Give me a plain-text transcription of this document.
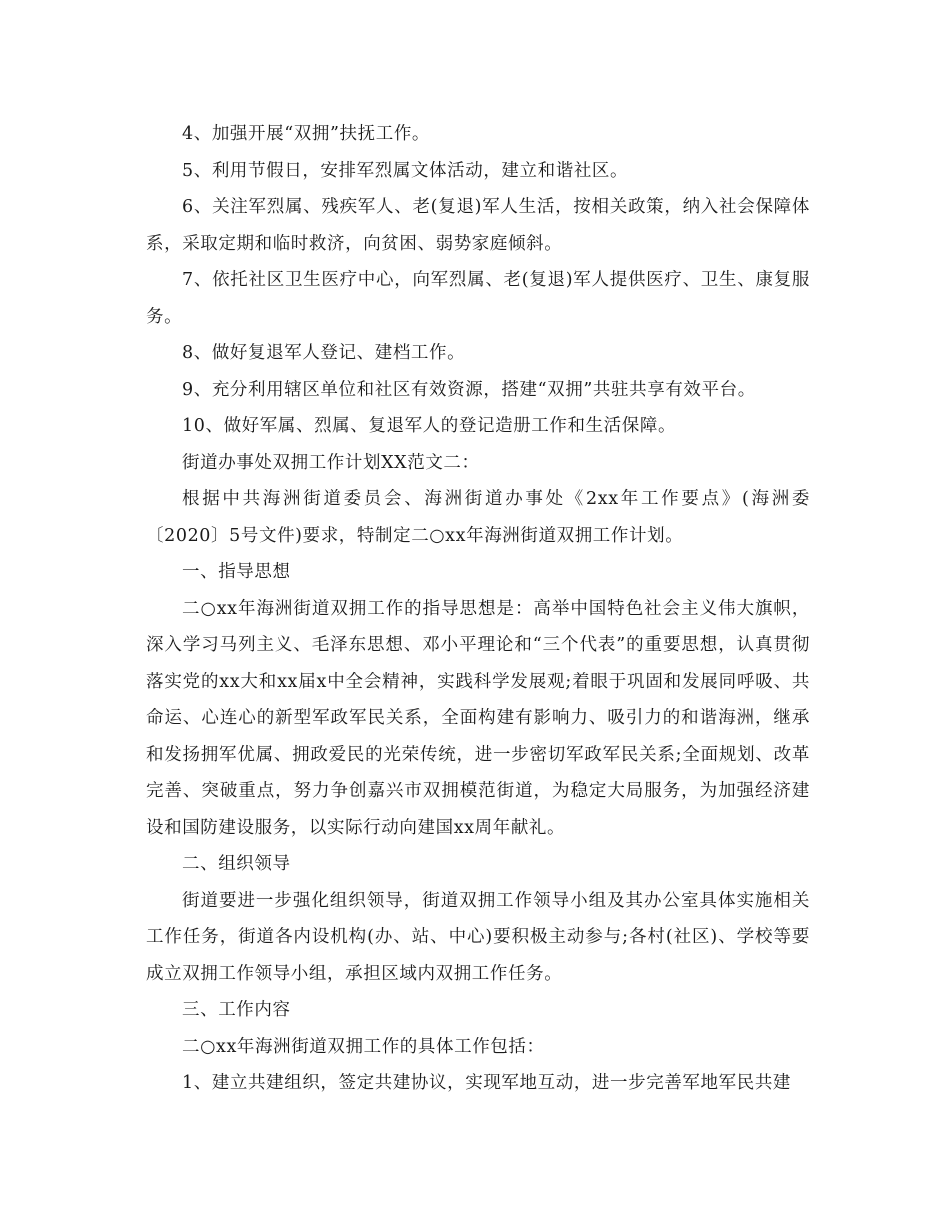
4、加强开展“双拥”扶抚工作。

5、利用节假日，安排军烈属文体活动，建立和谐社区。

6、关注军烈属、残疾军人、老(复退)军人生活，按相关政策，纳入社会保障体系，采取定期和临时救济，向贫困、弱势家庭倾斜。

7、依托社区卫生医疗中心，向军烈属、老(复退)军人提供医疗、卫生、康复服务。

8、做好复退军人登记、建档工作。

9、充分利用辖区单位和社区有效资源，搭建“双拥”共驻共享有效平台。

10、做好军属、烈属、复退军人的登记造册工作和生活保障。

街道办事处双拥工作计划XX范文二：

根据中共海洲街道委员会、海洲街道办事处《2xx年工作要点》(海洲委〔2020〕5号文件)要求，特制定二○xx年海洲街道双拥工作计划。

一、指导思想

二○xx年海洲街道双拥工作的指导思想是：高举中国特色社会主义伟大旗帜，深入学习马列主义、毛泽东思想、邓小平理论和“三个代表”的重要思想，认真贯彻落实党的xx大和xx届x中全会精神，实践科学发展观;着眼于巩固和发展同呼吸、共命运、心连心的新型军政军民关系，全面构建有影响力、吸引力的和谐海洲，继承和发扬拥军优属、拥政爱民的光荣传统，进一步密切军政军民关系;全面规划、改革完善、突破重点，努力争创嘉兴市双拥模范街道，为稳定大局服务，为加强经济建设和国防建设服务，以实际行动向建国xx周年献礼。

二、组织领导

街道要进一步强化组织领导，街道双拥工作领导小组及其办公室具体实施相关工作任务，街道各内设机构(办、站、中心)要积极主动参与;各村(社区)、学校等要成立双拥工作领导小组，承担区域内双拥工作任务。

三、工作内容

二○xx年海洲街道双拥工作的具体工作包括：

1、建立共建组织，签定共建协议，实现军地互动，进一步完善军地军民共建
